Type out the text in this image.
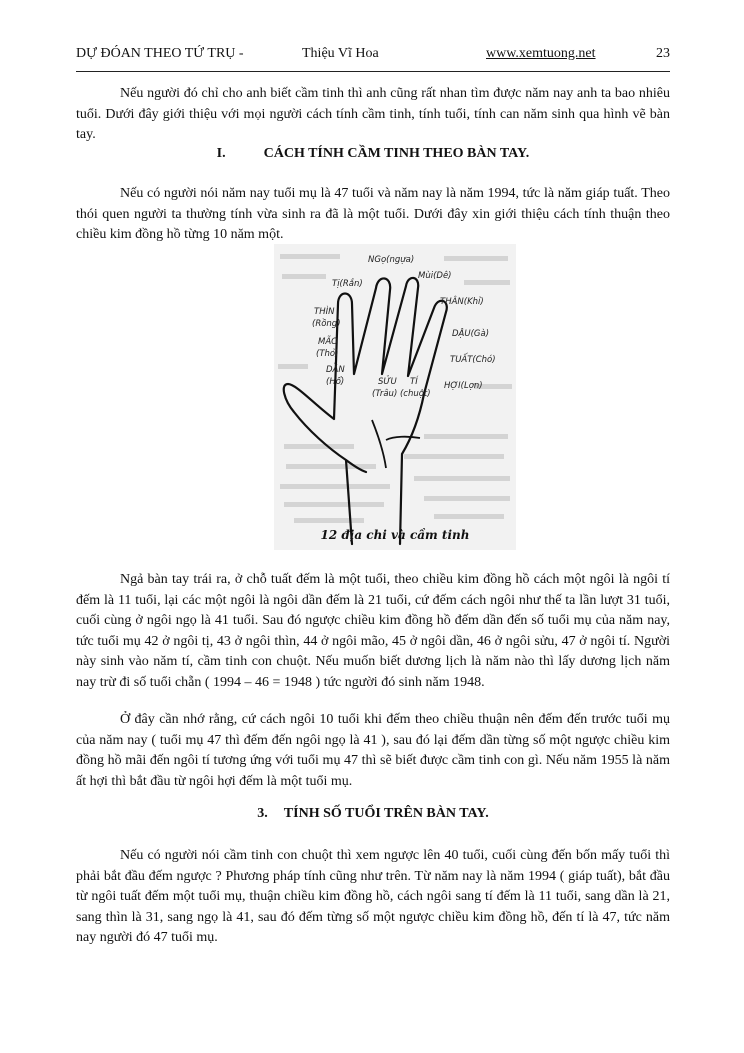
DỰ ĐÓAN THEO TỨ TRỤ -	Thiệu Vĩ Hoa	www.xemtuong.net	23

Nếu người đó chỉ cho anh biết cầm tinh thì anh cũng rất nhan tìm được năm nay anh ta bao nhiêu tuổi. Dưới đây giới thiệu với mọi người cách tính cầm tinh, tính tuổi, tính can năm sinh qua hình vẽ bàn tay.

I.	CÁCH TÍNH CẦM TINH THEO BÀN TAY.

Nếu có người nói năm nay tuổi mụ là 47 tuổi và năm nay là năm 1994, tức là năm giáp tuất. Theo thói quen người ta thường tính vừa sinh ra đã là một tuổi. Dưới đây xin giới thiệu cách tính thuận theo chiều kim đồng hồ từng 10 năm một.

NGọ(ngựa)
Mùi(Dê)
Tị(Rắn)
THÂN(Khỉ)
THÌN
(Rồng)
DẬU(Gà)
MÃO
(Thỏ)
TUẤT(Chó)
DẦN
(Hổ)	SỬU TÍ
(Trâu) (chuột)
HỢI(Lợn)
12 địa chi và cầm tinh

Ngả bàn tay trái ra, ở chỗ tuất đếm là một tuổi, theo chiều kim đồng hồ cách một ngôi là ngôi tí đếm là 11 tuổi, lại các một ngôi là ngôi dần đếm là 21 tuổi, cứ đếm cách ngôi như thế ta lần lượt 31 tuổi, cuối cùng ở ngôi ngọ là 41 tuổi. Sau đó ngược chiều kim đồng hồ đếm dần đến số tuổi mụ của năm nay, tức tuổi mụ 42 ở ngôi tị, 43 ở ngôi thìn, 44 ở ngôi mão, 45 ở ngôi dần, 46 ở ngôi sửu, 47 ở ngôi tí. Người này sinh vào năm tí, cầm tinh con chuột. Nếu muốn biết dương lịch là năm nào thì lấy dương lịch năm nay trừ đi số tuổi chẵn ( 1994 – 46 = 1948 ) tức người đó sinh năm 1948.

Ở đây cần nhớ rằng, cứ cách ngôi 10 tuổi khi đếm theo chiều thuận nên đếm đến trước tuổi mụ của năm nay ( tuổi mụ 47 thì đếm đến ngôi ngọ là 41 ), sau đó lại đếm dần từng số một ngược chiều kim đồng hồ mãi đến ngôi tí tương ứng với tuổi mụ 47 thì sẽ biết được cầm tinh con gì. Nếu năm 1955 là năm ất hợi thì bắt đầu từ ngôi hợi đếm là một tuổi mụ.

3. TÍNH SỐ TUỔI TRÊN BÀN TAY.

Nếu có người nói cầm tinh con chuột thì xem ngược lên 40 tuổi, cuối cùng đến bốn mấy tuổi thì phải bắt đầu đếm ngược ? Phương pháp tính cũng như trên. Từ năm nay là năm 1994 ( giáp tuất), bắt đầu từ ngôi tuất đếm một tuổi mụ, thuận chiều kim đồng hồ, cách ngôi sang tí đếm là 11 tuổi, sang dần là 21, sang thìn là 31, sang ngọ là 41, sau đó đếm từng số một ngược chiều kim đồng hồ, đến tí là 47, tức năm nay người đó 47 tuổi mụ.
